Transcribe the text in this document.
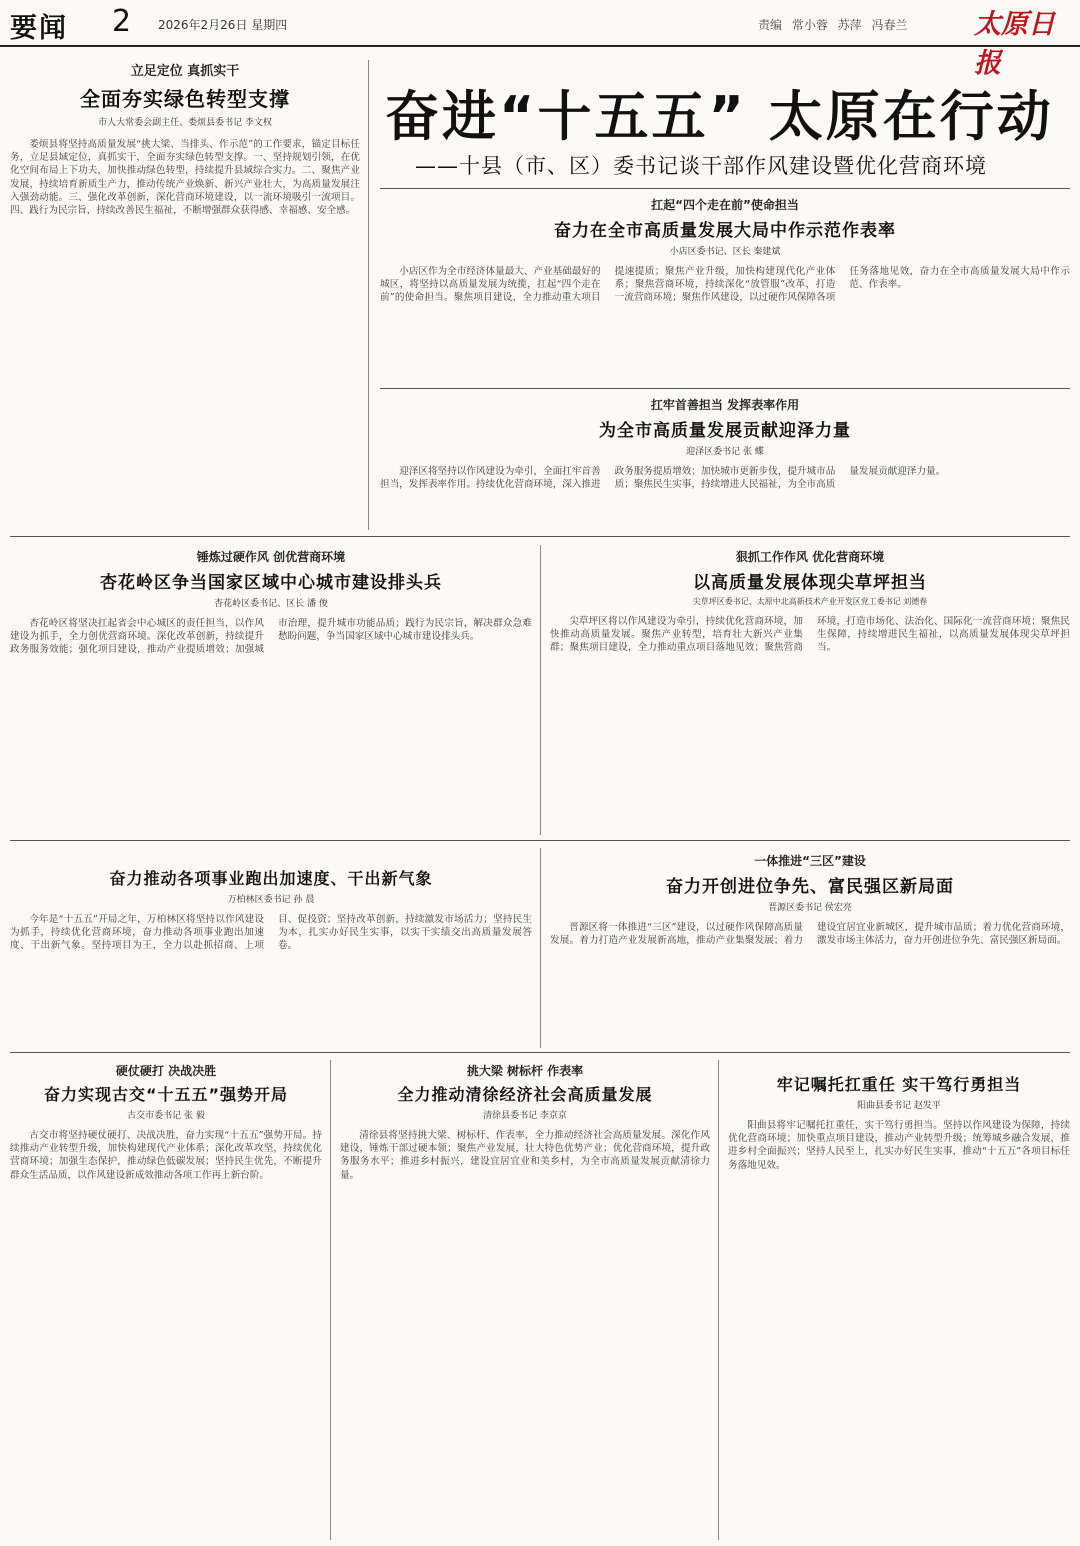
要闻 2 2026年2月26日 星期四	责编 常小蓉 苏萍 冯春兰 太原日报
奋进“十五五” 太原在行动
——十县（市、区）委书记谈干部作风建设暨优化营商环境
立足定位 真抓实干
全面夯实绿色转型支撑
市人大常委会副主任、娄烦县委书记 李文权
娄烦县将坚持高质量发展“挑大梁、当排头、作示范”的工作要求，锚定目标任务，立足县域定位，真抓实干，全面夯实绿色转型支撑。一、坚持规划引领，在优化空间布局上下功夫，加快推动绿色转型，持续提升县域综合实力。二、聚焦产业发展，持续培育新质生产力，推动传统产业焕新、新兴产业壮大，为高质量发展注入强劲动能。三、强化改革创新，深化营商环境建设，以一流环境吸引一流项目。四、践行为民宗旨，持续改善民生福祉，不断增强群众获得感、幸福感、安全感。	扛起“四个走在前”使命担当
奋力在全市高质量发展大局中作示范作表率
小店区委书记、区长 秦建斌
小店区作为全市经济体量最大、产业基础最好的城区，将坚持以高质量发展为统揽，扛起“四个走在前”的使命担当。聚焦项目建设，全力推动重大项目提速提质；聚焦产业升级，加快构建现代化产业体系；聚焦营商环境，持续深化“放管服”改革，打造一流营商环境；聚焦作风建设，以过硬作风保障各项任务落地见效，奋力在全市高质量发展大局中作示范、作表率。
扛牢首善担当 发挥表率作用
为全市高质量发展贡献迎泽力量
迎泽区委书记 张 蝶
迎泽区将坚持以作风建设为牵引，全面扛牢首善担当，发挥表率作用。持续优化营商环境，深入推进政务服务提质增效；加快城市更新步伐，提升城市品质；聚焦民生实事，持续增进人民福祉，为全市高质量发展贡献迎泽力量。
锤炼过硬作风 创优营商环境
杏花岭区争当国家区域中心城市建设排头兵
杏花岭区委书记、区长 潘 俊
杏花岭区将坚决扛起省会中心城区的责任担当，以作风建设为抓手，全力创优营商环境。深化改革创新，持续提升政务服务效能；强化项目建设，推动产业提质增效；加强城市治理，提升城市功能品质；践行为民宗旨，解决群众急难愁盼问题，争当国家区域中心城市建设排头兵。
狠抓工作作风 优化营商环境
以高质量发展体现尖草坪担当
尖草坪区委书记、太原中北高新技术产业开发区党工委书记 刘德春
尖草坪区将以作风建设为牵引，持续优化营商环境，加快推动高质量发展。聚焦产业转型，培育壮大新兴产业集群；聚焦项目建设，全力推动重点项目落地见效；聚焦营商环境，打造市场化、法治化、国际化一流营商环境；聚焦民生保障，持续增进民生福祉，以高质量发展体现尖草坪担当。
奋力推动各项事业跑出加速度、干出新气象
万柏林区委书记 孙 晨
今年是“十五五”开局之年，万柏林区将坚持以作风建设为抓手，持续优化营商环境，奋力推动各项事业跑出加速度、干出新气象。坚持项目为王，全力以赴抓招商、上项目、促投资；坚持改革创新，持续激发市场活力；坚持民生为本，扎实办好民生实事，以实干实绩交出高质量发展答卷。
一体推进“三区”建设
奋力开创进位争先、富民强区新局面
晋源区委书记 侯宏亮
晋源区将一体推进“三区”建设，以过硬作风保障高质量发展。着力打造产业发展新高地，推动产业集聚发展；着力建设宜居宜业新城区，提升城市品质；着力优化营商环境，激发市场主体活力，奋力开创进位争先、富民强区新局面。
硬仗硬打 决战决胜
奋力实现古交“十五五”强势开局
古交市委书记 张 毅
古交市将坚持硬仗硬打、决战决胜，奋力实现“十五五”强势开局。持续推动产业转型升级，加快构建现代产业体系；深化改革攻坚，持续优化营商环境；加强生态保护，推动绿色低碳发展；坚持民生优先，不断提升群众生活品质，以作风建设新成效推动各项工作再上新台阶。
挑大梁 树标杆 作表率
全力推动清徐经济社会高质量发展
清徐县委书记 李京京
清徐县将坚持挑大梁、树标杆、作表率，全力推动经济社会高质量发展。深化作风建设，锤炼干部过硬本领；聚焦产业发展，壮大特色优势产业；优化营商环境，提升政务服务水平；推进乡村振兴，建设宜居宜业和美乡村，为全市高质量发展贡献清徐力量。
牢记嘱托扛重任 实干笃行勇担当
阳曲县委书记 赵发平
阳曲县将牢记嘱托扛重任，实干笃行勇担当。坚持以作风建设为保障，持续优化营商环境；加快重点项目建设，推动产业转型升级；统筹城乡融合发展，推进乡村全面振兴；坚持人民至上，扎实办好民生实事，推动“十五五”各项目标任务落地见效。
